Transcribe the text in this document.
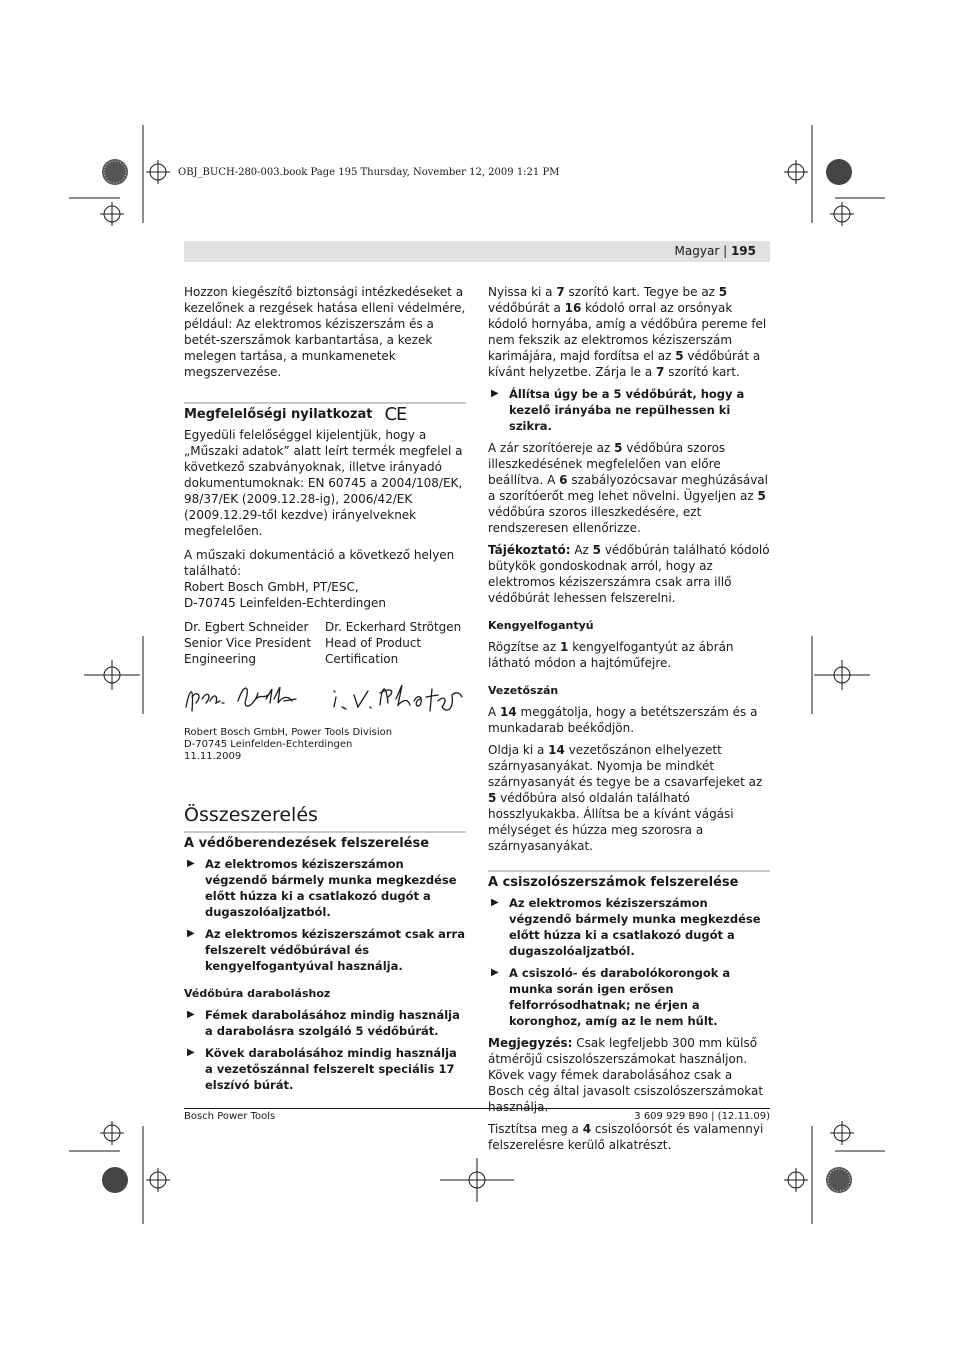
OBJ_BUCH-280-003.book Page 195 Thursday, November 12, 2009 1:21 PM
Magyar | 195

Hozzon kiegészítő biztonsági intézkedéseket a kezelőnek a rezgések hatása elleni védelmére, például: Az elektromos kéziszerszám és a betét-szerszámok karbantartása, a kezek melegen tartása, a munkamenetek megszervezése.

Megfelelőségi nyilatkozat CE

Egyedüli felelőséggel kijelentjük, hogy a „Műszaki adatok” alatt leírt termék megfelel a következő szabványoknak, illetve irányadó dokumentumoknak: EN 60745 a 2004/108/EK, 98/37/EK (2009.12.28-ig), 2006/42/EK (2009.12.29-től kezdve) irányelveknek megfelelően.

A műszaki dokumentáció a következő helyen található:
Robert Bosch GmbH, PT/ESC,
D-70745 Leinfelden-Echterdingen

Dr. Egbert Schneider
Senior Vice President
Engineering
Dr. Eckerhard Strötgen
Head of Product
Certification
Robert Bosch GmbH, Power Tools Division
D-70745 Leinfelden-Echterdingen
11.11.2009
Összeszerelés
A védőberendezések felszerelése
▶ Az elektromos kéziszerszámon végzendő bármely munka megkezdése előtt húzza ki a csatlakozó dugót a dugaszolóaljzatból.
▶ Az elektromos kéziszerszámot csak arra felszerelt védőbúrával és kengyelfogantyúval használja.
Védőbúra daraboláshoz
▶ Fémek darabolásához mindig használja a darabolásra szolgáló 5 védőbúrát.
▶ Kövek darabolásához mindig használja a vezetőszánnal felszerelt speciális 17 elszívó búrát.

Nyissa ki a 7 szorító kart. Tegye be az 5 védőbúrát a 16 kódoló orral az orsónyak kódoló hornyába, amíg a védőbúra pereme fel nem fekszik az elektromos kéziszerszám karimájára, majd fordítsa el az 5 védőbúrát a kívánt helyzetbe. Zárja le a 7 szorító kart.

▶ Állítsa úgy be a 5 védőbúrát, hogy a kezelő irányába ne repülhessen ki szikra.

A zár szorítóereje az 5 védőbúra szoros illeszkedésének megfelelően van előre beállítva. A 6 szabályozócsavar meghúzásával a szorítóerőt meg lehet növelni. Ügyeljen az 5 védőbúra szoros illeszkedésére, ezt rendszeresen ellenőrizze.

Tájékoztató: Az 5 védőbúrán található kódoló bütykök gondoskodnak arról, hogy az elektromos kéziszerszámra csak arra illő védőbúrát lehessen felszerelni.

Kengyelfogantyú

Rögzítse az 1 kengyelfogantyút az ábrán látható módon a hajtóműfejre.

Vezetőszán

A 14 meggátolja, hogy a betétszerszám és a munkadarab beékődjön.

Oldja ki a 14 vezetőszánon elhelyezett szárnyasanyákat. Nyomja be mindkét szárnyasanyát és tegye be a csavarfejeket az 5 védőbúra alsó oldalán található hosszlyukakba. Állítsa be a kívánt vágási mélységet és húzza meg szorosra a szárnyasanyákat.

A csiszolószerszámok felszerelése
▶ Az elektromos kéziszerszámon végzendő bármely munka megkezdése előtt húzza ki a csatlakozó dugót a dugaszolóaljzatból.
▶ A csiszoló- és darabolókorongok a munka során igen erősen felforrósodhatnak; ne érjen a koronghoz, amíg az le nem hűlt.

Megjegyzés: Csak legfeljebb 300 mm külső átmérőjű csiszolószerszámokat használjon. Kövek vagy fémek darabolásához csak a Bosch cég által javasolt csiszolószerszámokat használja.

Tisztítsa meg a 4 csiszolóorsót és valamennyi felszerelésre kerülő alkatrészt.

Bosch Power Tools	3 609 929 B90 | (12.11.09)
